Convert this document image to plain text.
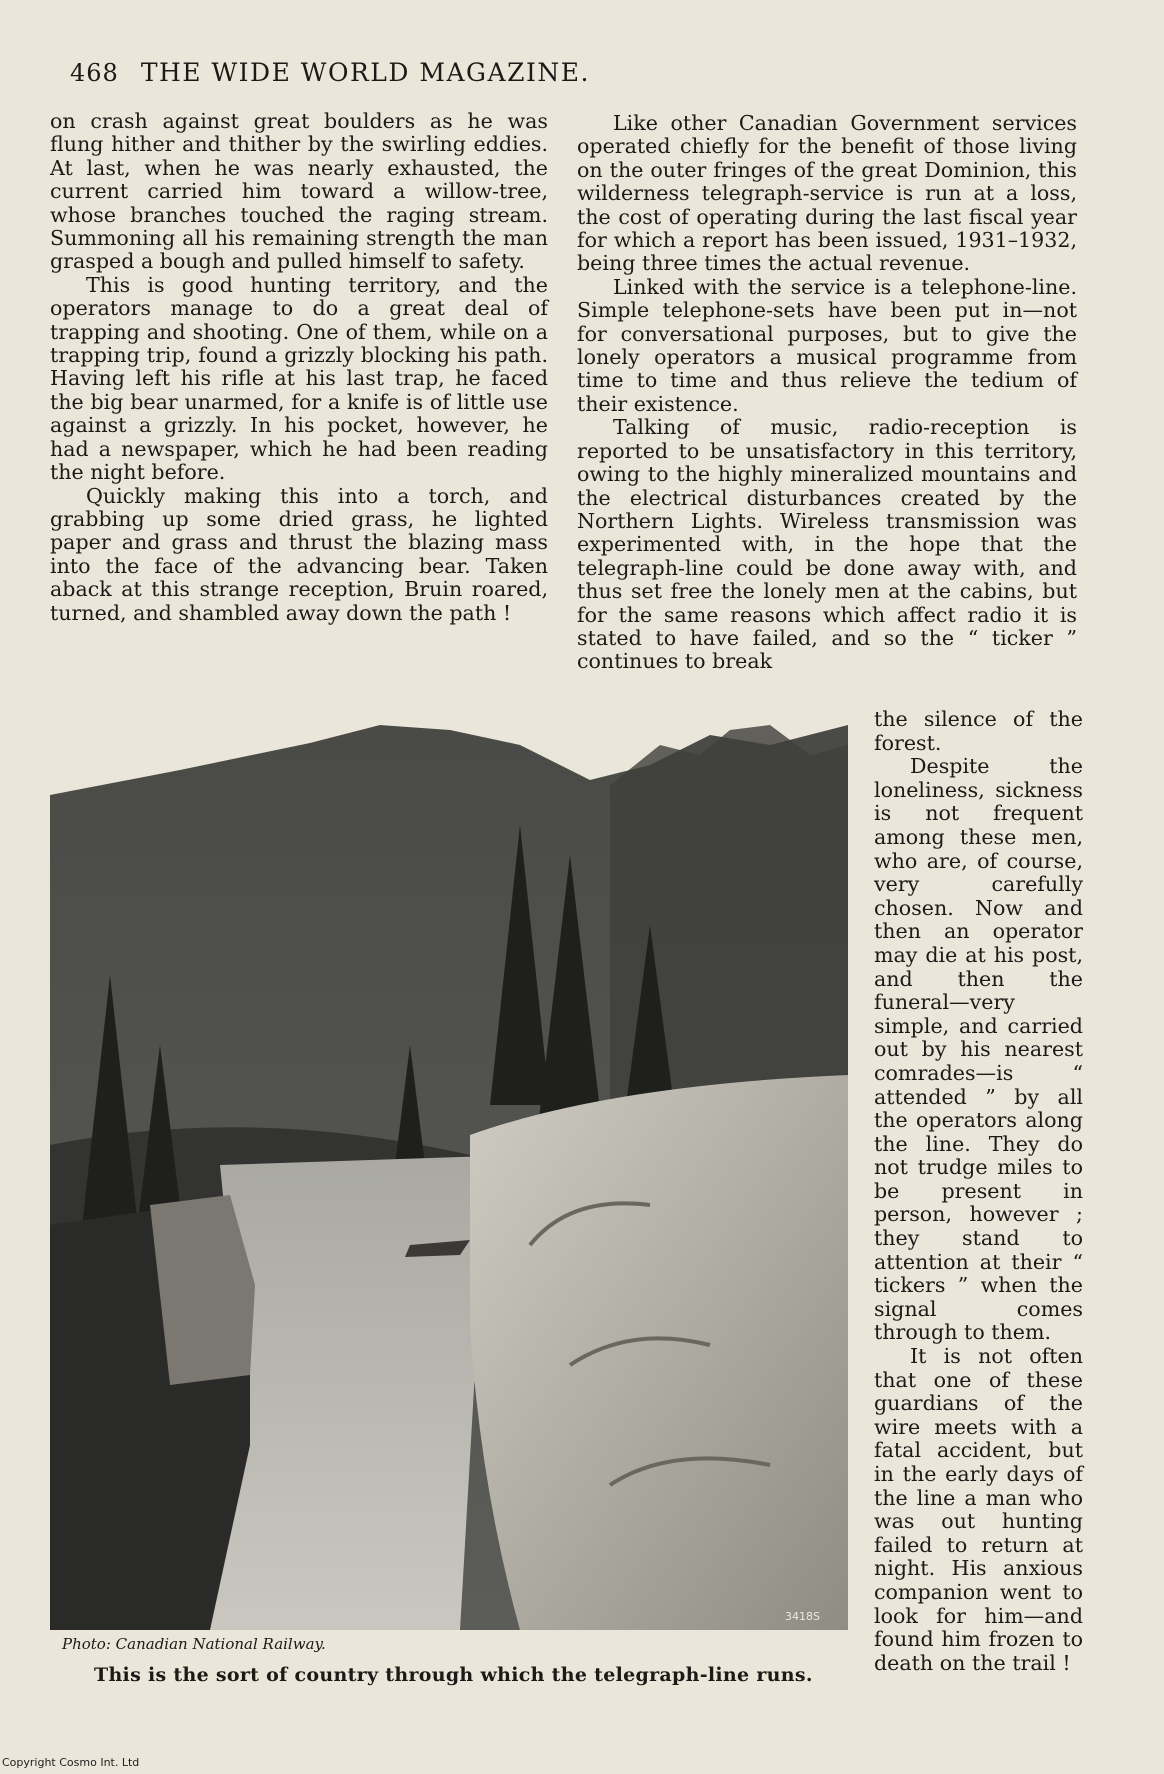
468 THE WIDE WORLD MAGAZINE.

on crash against great boulders as he was flung hither and thither by the swirling eddies. At last, when he was nearly exhausted, the current carried him toward a willow-tree, whose branches touched the raging stream. Summoning all his remaining strength the man grasped a bough and pulled himself to safety.

This is good hunting territory, and the operators manage to do a great deal of trapping and shooting. One of them, while on a trapping trip, found a grizzly blocking his path. Having left his rifle at his last trap, he faced the big bear unarmed, for a knife is of little use against a grizzly. In his pocket, however, he had a newspaper, which he had been reading the night before.

Quickly making this into a torch, and grabbing up some dried grass, he lighted paper and grass and thrust the blazing mass into the face of the advancing bear. Taken aback at this strange reception, Bruin roared, turned, and shambled away down the path !

Like other Canadian Government services operated chiefly for the benefit of those living on the outer fringes of the great Dominion, this wilderness telegraph-service is run at a loss, the cost of operating during the last fiscal year for which a report has been issued, 1931–1932, being three times the actual revenue.

Linked with the service is a telephone-line. Simple telephone-sets have been put in—not for conversational purposes, but to give the lonely operators a musical programme from time to time and thus relieve the tedium of their existence.

Talking of music, radio-reception is reported to be unsatisfactory in this territory, owing to the highly mineralized mountains and the electrical disturbances created by the Northern Lights. Wireless transmission was experimented with, in the hope that the telegraph-line could be done away with, and thus set free the lonely men at the cabins, but for the same reasons which affect radio it is stated to have failed, and so the “ ticker ” continues to break

the silence of the forest.

Despite the loneliness, sickness is not frequent among these men, who are, of course, very carefully chosen. Now and then an operator may die at his post, and then the funeral—very simple, and carried out by his nearest comrades—is “ attended ” by all the operators along the line. They do not trudge miles to be present in person, however ; they stand to attention at their “ tickers ” when the signal comes through to them.

It is not often that one of these guardians of the wire meets with a fatal accident, but in the early days of the line a man who was out hunting failed to return at night. His anxious companion went to look for him—and found him frozen to death on the trail !

3418S
Photo: Canadian National Railway.
This is the sort of country through which the telegraph-line runs.
Copyright Cosmo Int. Ltd
